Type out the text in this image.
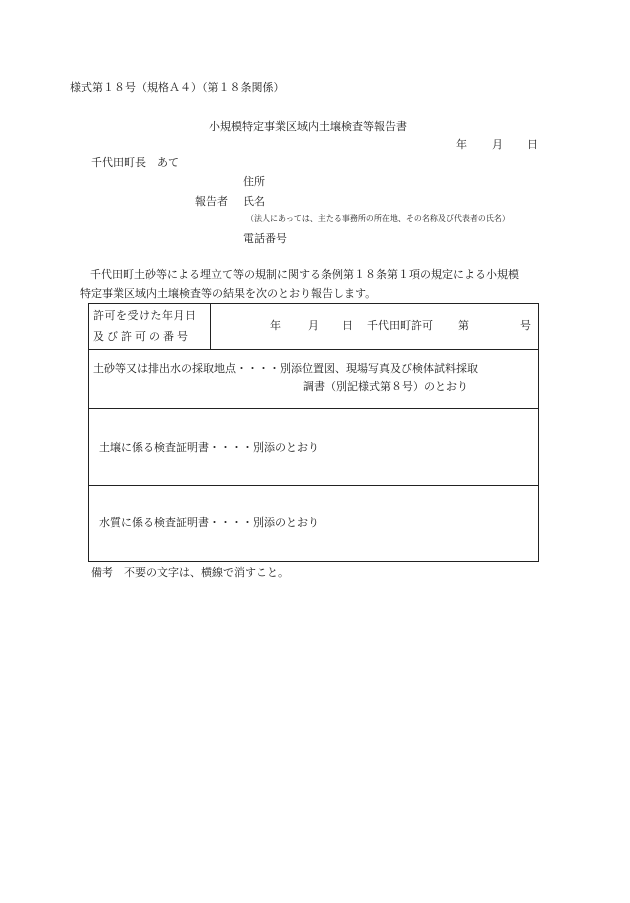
様式第１８号（規格Ａ４）（第１８条関係）
小規模特定事業区域内土壌検査等報告書
年 月 日
千代田町長　あて
住所
報告者 氏名
（法人にあっては、主たる事務所の所在地、その名称及び代表者の氏名）
電話番号
千代田町土砂等による埋立て等の規制に関する条例第１８条第１項の規定による小規模
特定事業区域内土壌検査等の結果を次のとおり報告します。
許可を受けた年月日
及び許可の番号
年 月 日 千代田町許可 第	号
土砂等又は排出水の採取地点・・・・別添位置図、現場写真及び検体試料採取
調書（別記様式第８号）のとおり
土壌に係る検査証明書・・・・別添のとおり
水質に係る検査証明書・・・・別添のとおり
備考　不要の文字は、横線で消すこと。
